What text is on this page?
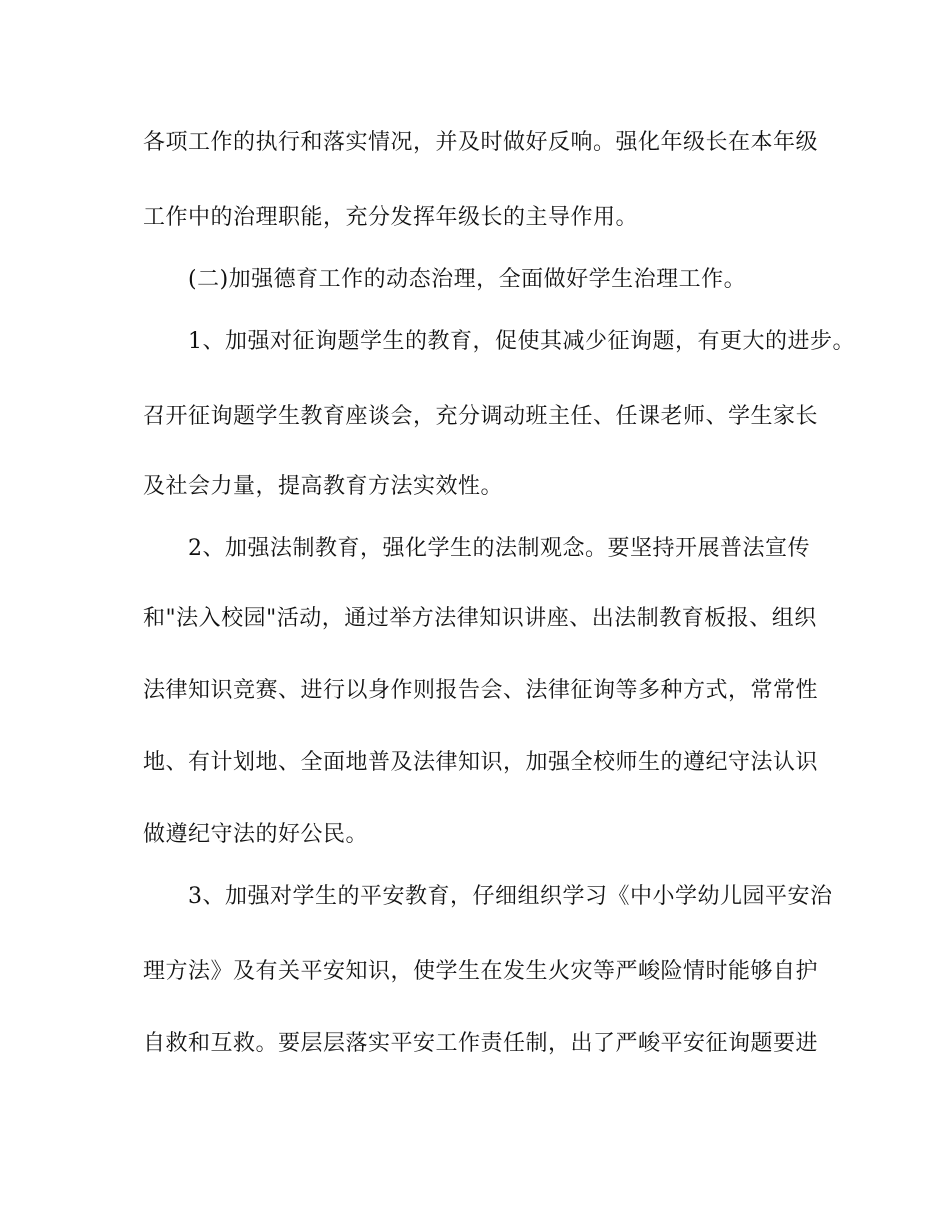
各项工作的执行和落实情况，并及时做好反响。强化年级长在本年级
工作中的治理职能，充分发挥年级长的主导作用。
(二)加强德育工作的动态治理，全面做好学生治理工作。
1、加强对征询题学生的教育，促使其减少征询题，有更大的进步。
召开征询题学生教育座谈会，充分调动班主任、任课老师、学生家长
及社会力量，提高教育方法实效性。
2、加强法制教育，强化学生的法制观念。要坚持开展普法宣传
和"法入校园"活动，通过举方法律知识讲座、出法制教育板报、组织
法律知识竞赛、进行以身作则报告会、法律征询等多种方式，常常性
地、有计划地、全面地普及法律知识，加强全校师生的遵纪守法认识
做遵纪守法的好公民。
3、加强对学生的平安教育，仔细组织学习《中小学幼儿园平安治
理方法》及有关平安知识，使学生在发生火灾等严峻险情时能够自护
自救和互救。要层层落实平安工作责任制，出了严峻平安征询题要进
